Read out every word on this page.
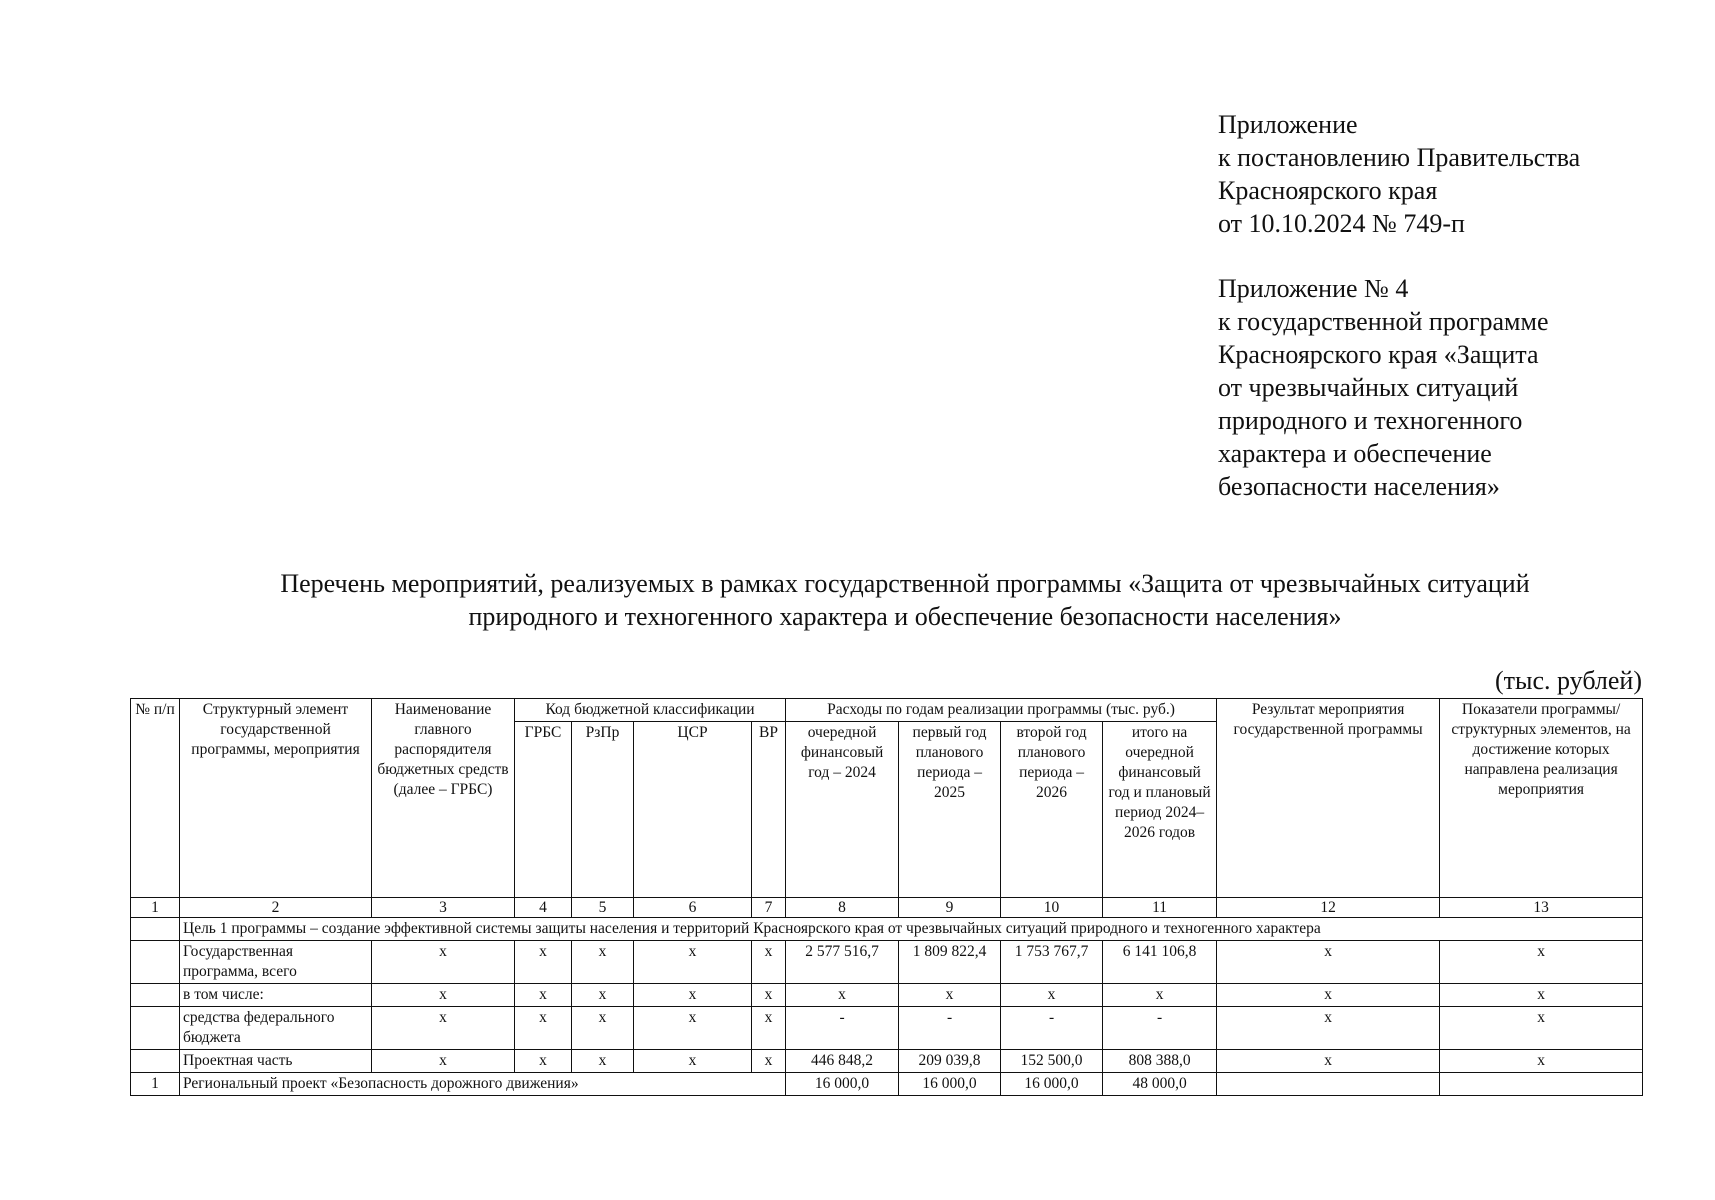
Приложение
к постановлению Правительства
Красноярского края
от 10.10.2024 № 749-п
Приложение № 4
к государственной программе
Красноярского края «Защита
от чрезвычайных ситуаций
природного и техногенного
характера и обеспечение
безопасности населения»
Перечень мероприятий, реализуемых в рамках государственной программы «Защита от чрезвычайных ситуаций
природного и техногенного характера и обеспечение безопасности населения»
(тыс. рублей)
№ п/п	Структурный элемент государственной программы, мероприятия	Наименование главного распорядителя бюджетных средств (далее – ГРБС)	Код бюджетной классификации				Расходы по годам реализации программы (тыс. руб.)				Результат мероприятия государственной программы	Показатели программы/ структурных элементов, на достижение которых направлена реализация мероприятия
			ГРБС	РзПр	ЦСР	ВР	очередной финансовый год – 2024	первый год планового периода – 2025	второй год планового периода – 2026	итого на очередной финансовый год и плановый период 2024–2026 годов		
1	2	3	4	5	6	7	8	9	10	11	12	13
	Цель 1 программы – создание эффективной системы защиты населения и территорий Красноярского края от чрезвычайных ситуаций природного и техногенного характера											
	Государственная программа, всего	х	х	х	х	х	2 577 516,7	1 809 822,4	1 753 767,7	6 141 106,8	х	х
	в том числе:	х	х	х	х	х	х	х	х	х	х	х
	средства федерального бюджета	х	х	х	х	х	-	-	-	-	х	х
	Проектная часть	х	х	х	х	х	446 848,2	209 039,8	152 500,0	808 388,0	х	х
1	Региональный проект «Безопасность дорожного движения»						16 000,0	16 000,0	16 000,0	48 000,0		
